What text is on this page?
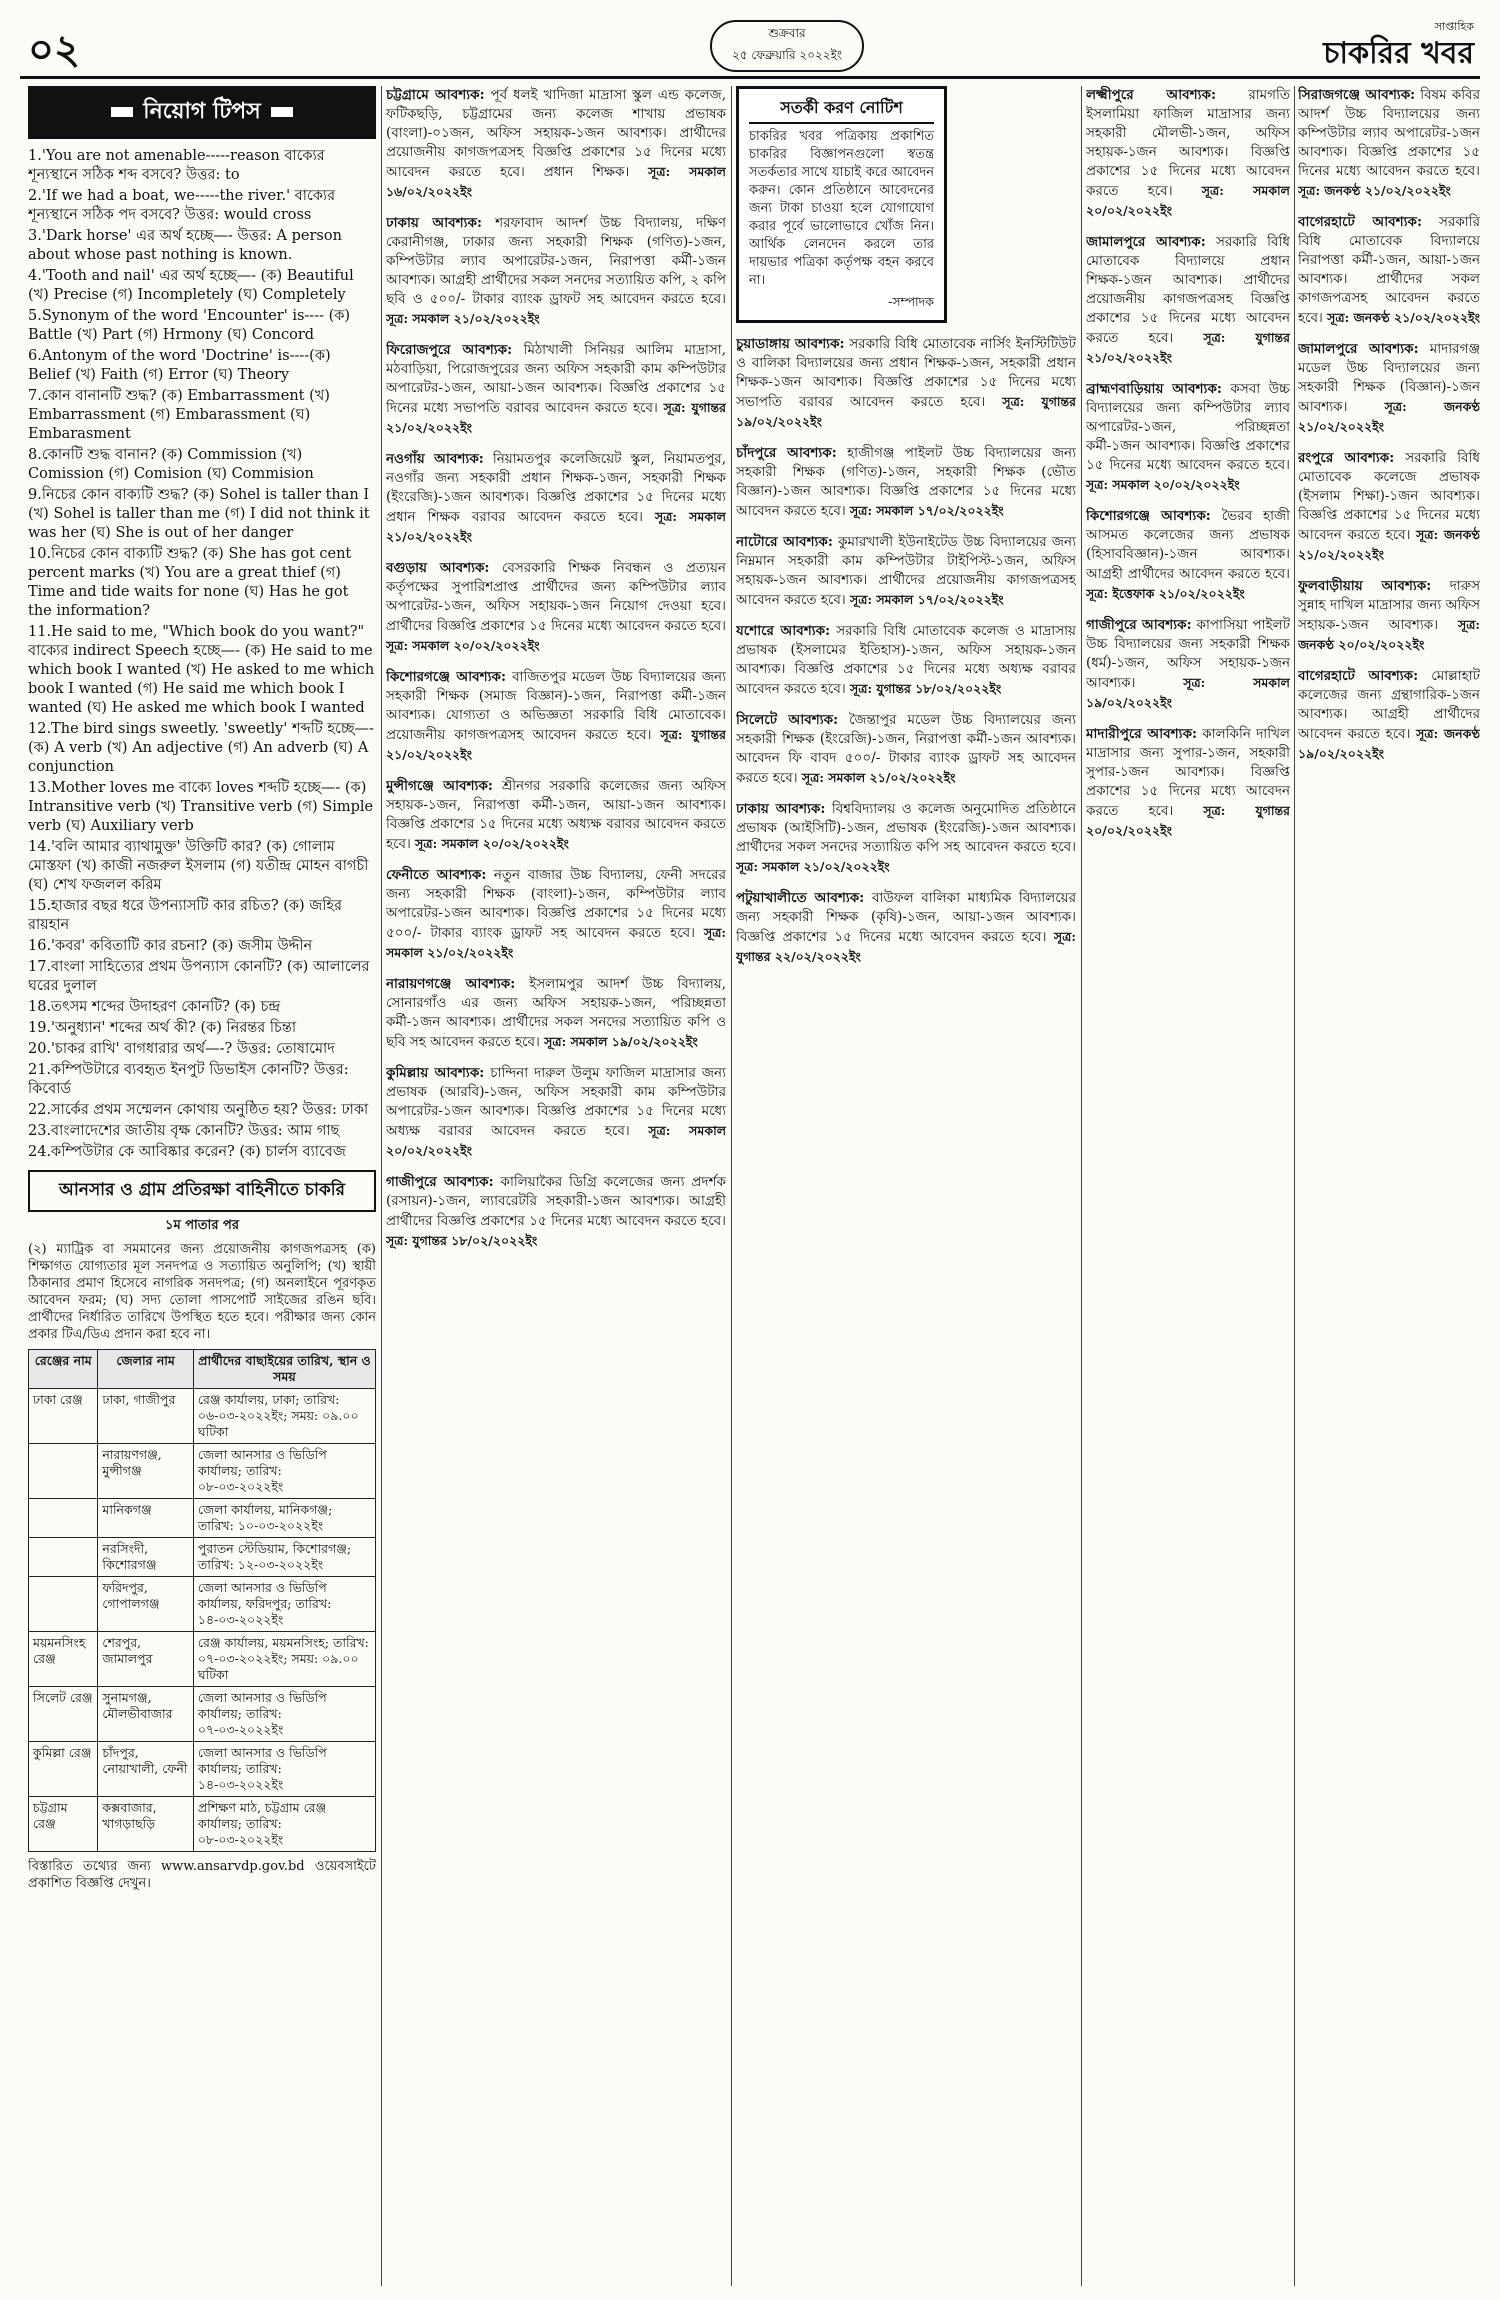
০২	শুক্রবার
২৫ ফেব্রুয়ারি ২০২২ইং
সাপ্তাহিক
চাকরির খবর
নিয়োগ টিপস

1.'You are not amenable-----reason বাক্যের শূন্যস্থানে সঠিক শব্দ বসবে? উত্তর: to

2.'If we had a boat, we-----the river.' বাক্যের শূন্যস্থানে সঠিক পদ বসবে? উত্তর: would cross

3.'Dark horse' এর অর্থ হচ্ছে—- উত্তর: A person about whose past nothing is known.

4.'Tooth and nail' এর অর্থ হচ্ছে—- (ক) Beautiful (খ) Precise (গ) Incompletely (ঘ) Completely

5.Synonym of the word 'Encounter' is---- (ক) Battle (খ) Part (গ) Hrmony (ঘ) Concord

6.Antonym of the word 'Doctrine' is----(ক) Belief (খ) Faith (গ) Error (ঘ) Theory

7.কোন বানানটি শুদ্ধ? (ক) Embarrassment (খ) Embarrassment (গ) Embarassment (ঘ) Embarasment

8.কোনটি শুদ্ধ বানান? (ক) Commission (খ) Comission (গ) Comision (ঘ) Commision

9.নিচের কোন বাক্যটি শুদ্ধ? (ক) Sohel is taller than I (খ) Sohel is taller than me (গ) I did not think it was her (ঘ) She is out of her danger

10.নিচের কোন বাক্যটি শুদ্ধ? (ক) She has got cent percent marks (খ) You are a great thief (গ) Time and tide waits for none (ঘ) Has he got the information?

11.He said to me, "Which book do you want?" বাক্যের indirect Speech হচ্ছে—- (ক) He said to me which book I wanted (খ) He asked to me which book I wanted (গ) He said me which book I wanted (ঘ) He asked me which book I wanted

12.The bird sings sweetly. 'sweetly' শব্দটি হচ্ছে—- (ক) A verb (খ) An adjective (গ) An adverb (ঘ) A conjunction

13.Mother loves me বাক্যে loves শব্দটি হচ্ছে—- (ক) Intransitive verb (খ) Transitive verb (গ) Simple verb (ঘ) Auxiliary verb

14.'বলি আমার ব্যাথামুক্ত' উক্তিটি কার? (ক) গোলাম মোস্তফা (খ) কাজী নজরুল ইসলাম (গ) যতীন্দ্র মোহন বাগচী (ঘ) শেখ ফজলল করিম

15.হাজার বছর ধরে উপন্যাসটি কার রচিত? (ক) জহির রায়হান

16.'কবর' কবিতাটি কার রচনা? (ক) জসীম উদ্দীন

17.বাংলা সাহিত্যের প্রথম উপন্যাস কোনটি? (ক) আলালের ঘরের দুলাল

18.তৎসম শব্দের উদাহরণ কোনটি? (ক) চন্দ্র

19.'অনুধ্যান' শব্দের অর্থ কী? (ক) নিরন্তর চিন্তা

20.'চাকর রাখি' বাগধারার অর্থ—-? উত্তর: তোষামোদ

21.কম্পিউটারে ব্যবহৃত ইনপুট ডিভাইস কোনটি? উত্তর: কিবোর্ড

22.সার্কের প্রথম সম্মেলন কোথায় অনুষ্ঠিত হয়? উত্তর: ঢাকা

23.বাংলাদেশের জাতীয় বৃক্ষ কোনটি? উত্তর: আম গাছ

24.কম্পিউটার কে আবিষ্কার করেন? (ক) চার্লস ব্যাবেজ

আনসার ও গ্রাম প্রতিরক্ষা বাহিনীতে চাকরি
১ম পাতার পর

(২) ম্যাট্রিক বা সমমানের জন্য প্রয়োজনীয় কাগজপত্রসহ (ক) শিক্ষাগত যোগ্যতার মূল সনদপত্র ও সত্যায়িত অনুলিপি; (খ) স্থায়ী ঠিকানার প্রমাণ হিসেবে নাগরিক সনদপত্র; (গ) অনলাইনে পূরণকৃত আবেদন ফরম; (ঘ) সদ্য তোলা পাসপোর্ট সাইজের রঙিন ছবি। প্রার্থীদের নির্ধারিত তারিখে উপস্থিত হতে হবে। পরীক্ষার জন্য কোন প্রকার টিএ/ডিএ প্রদান করা হবে না।

রেঞ্জের নাম	জেলার নাম	প্রার্থীদের বাছাইয়ের তারিখ, স্থান ও সময়
ঢাকা রেঞ্জ	ঢাকা, গাজীপুর	রেঞ্জ কার্যালয়, ঢাকা; তারিখ: ০৬-০৩-২০২২ইং; সময়: ০৯.০০ ঘটিকা
	নারায়ণগঞ্জ, মুন্সীগঞ্জ	জেলা আনসার ও ভিডিপি কার্যালয়; তারিখ: ০৮-০৩-২০২২ইং
	মানিকগঞ্জ	জেলা কার্যালয়, মানিকগঞ্জ; তারিখ: ১০-০৩-২০২২ইং
	নরসিংদী, কিশোরগঞ্জ	পুরাতন স্টেডিয়াম, কিশোরগঞ্জ; তারিখ: ১২-০৩-২০২২ইং
	ফরিদপুর, গোপালগঞ্জ	জেলা আনসার ও ভিডিপি কার্যালয়, ফরিদপুর; তারিখ: ১৪-০৩-২০২২ইং
ময়মনসিংহ রেঞ্জ	শেরপুর, জামালপুর	রেঞ্জ কার্যালয়, ময়মনসিংহ; তারিখ: ০৭-০৩-২০২২ইং; সময়: ০৯.০০ ঘটিকা
সিলেট রেঞ্জ	সুনামগঞ্জ, মৌলভীবাজার	জেলা আনসার ও ভিডিপি কার্যালয়; তারিখ: ০৭-০৩-২০২২ইং
কুমিল্লা রেঞ্জ	চাঁদপুর, নোয়াখালী, ফেনী	জেলা আনসার ও ভিডিপি কার্যালয়; তারিখ: ১৪-০৩-২০২২ইং
চট্টগ্রাম রেঞ্জ	কক্সবাজার, খাগড়াছড়ি	প্রশিক্ষণ মাঠ, চট্টগ্রাম রেঞ্জ কার্যালয়; তারিখ: ০৮-০৩-২০২২ইং

বিস্তারিত তথ্যের জন্য www.ansarvdp.gov.bd ওয়েবসাইটে প্রকাশিত বিজ্ঞপ্তি দেখুন।

চট্টগ্রামে আবশ্যক: পূর্ব ধলই খাদিজা মাদ্রাসা স্কুল এন্ড কলেজ, ফটিকছড়ি, চট্টগ্রামের জন্য কলেজ শাখায় প্রভাষক (বাংলা)-০১জন, অফিস সহায়ক-১জন আবশ্যক। প্রার্থীদের প্রয়োজনীয় কাগজপত্রসহ বিজ্ঞপ্তি প্রকাশের ১৫ দিনের মধ্যে আবেদন করতে হবে। প্রধান শিক্ষক। সূত্র: সমকাল ১৬/০২/২০২২ইং

ঢাকায় আবশ্যক: শরফাবাদ আদর্শ উচ্চ বিদ্যালয়, দক্ষিণ কেরানীগঞ্জ, ঢাকার জন্য সহকারী শিক্ষক (গণিত)-১জন, কম্পিউটার ল্যাব অপারেটর-১জন, নিরাপত্তা কর্মী-১জন আবশ্যক। আগ্রহী প্রার্থীদের সকল সনদের সত্যায়িত কপি, ২ কপি ছবি ও ৫০০/- টাকার ব্যাংক ড্রাফট সহ আবেদন করতে হবে। সূত্র: সমকাল ২১/০২/২০২২ইং

ফিরোজপুরে আবশ্যক: মিঠাখালী সিনিয়র আলিম মাদ্রাসা, মঠবাড়িয়া, পিরোজপুরের জন্য অফিস সহকারী কাম কম্পিউটার অপারেটর-১জন, আয়া-১জন আবশ্যক। বিজ্ঞপ্তি প্রকাশের ১৫ দিনের মধ্যে সভাপতি বরাবর আবেদন করতে হবে। সূত্র: যুগান্তর ২১/০২/২০২২ইং

নওগাঁয় আবশ্যক: নিয়ামতপুর কলেজিয়েট স্কুল, নিয়ামতপুর, নওগাঁর জন্য সহকারী প্রধান শিক্ষক-১জন, সহকারী শিক্ষক (ইংরেজি)-১জন আবশ্যক। বিজ্ঞপ্তি প্রকাশের ১৫ দিনের মধ্যে প্রধান শিক্ষক বরাবর আবেদন করতে হবে। সূত্র: সমকাল ২১/০২/২০২২ইং

বগুড়ায় আবশ্যক: বেসরকারি শিক্ষক নিবন্ধন ও প্রত্যয়ন কর্তৃপক্ষের সুপারিশপ্রাপ্ত প্রার্থীদের জন্য কম্পিউটার ল্যাব অপারেটর-১জন, অফিস সহায়ক-১জন নিয়োগ দেওয়া হবে। প্রার্থীদের বিজ্ঞপ্তি প্রকাশের ১৫ দিনের মধ্যে আবেদন করতে হবে। সূত্র: সমকাল ২০/০২/২০২২ইং

কিশোরগঞ্জে আবশ্যক: বাজিতপুর মডেল উচ্চ বিদ্যালয়ের জন্য সহকারী শিক্ষক (সমাজ বিজ্ঞান)-১জন, নিরাপত্তা কর্মী-১জন আবশ্যক। যোগ্যতা ও অভিজ্ঞতা সরকারি বিধি মোতাবেক। প্রয়োজনীয় কাগজপত্রসহ আবেদন করতে হবে। সূত্র: যুগান্তর ২১/০২/২০২২ইং

মুন্সীগঞ্জে আবশ্যক: শ্রীনগর সরকারি কলেজের জন্য অফিস সহায়ক-১জন, নিরাপত্তা কর্মী-১জন, আয়া-১জন আবশ্যক। বিজ্ঞপ্তি প্রকাশের ১৫ দিনের মধ্যে অধ্যক্ষ বরাবর আবেদন করতে হবে। সূত্র: সমকাল ২০/০২/২০২২ইং

ফেনীতে আবশ্যক: নতুন বাজার উচ্চ বিদ্যালয়, ফেনী সদরের জন্য সহকারী শিক্ষক (বাংলা)-১জন, কম্পিউটার ল্যাব অপারেটর-১জন আবশ্যক। বিজ্ঞপ্তি প্রকাশের ১৫ দিনের মধ্যে ৫০০/- টাকার ব্যাংক ড্রাফট সহ আবেদন করতে হবে। সূত্র: সমকাল ২১/০২/২০২২ইং

নারায়ণগঞ্জে আবশ্যক: ইসলামপুর আদর্শ উচ্চ বিদ্যালয়, সোনারগাঁও এর জন্য অফিস সহায়ক-১জন, পরিচ্ছন্নতা কর্মী-১জন আবশ্যক। প্রার্থীদের সকল সনদের সত্যায়িত কপি ও ছবি সহ আবেদন করতে হবে। সূত্র: সমকাল ১৯/০২/২০২২ইং

কুমিল্লায় আবশ্যক: চান্দিনা দারুল উলুম ফাজিল মাদ্রাসার জন্য প্রভাষক (আরবি)-১জন, অফিস সহকারী কাম কম্পিউটার অপারেটর-১জন আবশ্যক। বিজ্ঞপ্তি প্রকাশের ১৫ দিনের মধ্যে অধ্যক্ষ বরাবর আবেদন করতে হবে। সূত্র: সমকাল ২০/০২/২০২২ইং

গাজীপুরে আবশ্যক: কালিয়াকৈর ডিগ্রি কলেজের জন্য প্রদর্শক (রসায়ন)-১জন, ল্যাবরেটরি সহকারী-১জন আবশ্যক। আগ্রহী প্রার্থীদের বিজ্ঞপ্তি প্রকাশের ১৫ দিনের মধ্যে আবেদন করতে হবে। সূত্র: যুগান্তর ১৮/০২/২০২২ইং

সতর্কী করণ নোটিশ
চাকরির খবর পত্রিকায় প্রকাশিত চাকরির বিজ্ঞাপনগুলো স্বতন্ত্র সতর্কতার সাথে যাচাই করে আবেদন করুন। কোন প্রতিষ্ঠানে আবেদনের জন্য টাকা চাওয়া হলে যোগাযোগ করার পূর্বে ভালোভাবে খোঁজ নিন। আর্থিক লেনদেন করলে তার দায়ভার পত্রিকা কর্তৃপক্ষ বহন করবে না।
-সম্পাদক

চুয়াডাঙ্গায় আবশ্যক: সরকারি বিধি মোতাবেক নার্সিং ইনস্টিটিউট ও বালিকা বিদ্যালয়ের জন্য প্রধান শিক্ষক-১জন, সহকারী প্রধান শিক্ষক-১জন আবশ্যক। বিজ্ঞপ্তি প্রকাশের ১৫ দিনের মধ্যে সভাপতি বরাবর আবেদন করতে হবে। সূত্র: যুগান্তর ১৯/০২/২০২২ইং

চাঁদপুরে আবশ্যক: হাজীগঞ্জ পাইলট উচ্চ বিদ্যালয়ের জন্য সহকারী শিক্ষক (গণিত)-১জন, সহকারী শিক্ষক (ভৌত বিজ্ঞান)-১জন আবশ্যক। বিজ্ঞপ্তি প্রকাশের ১৫ দিনের মধ্যে আবেদন করতে হবে। সূত্র: সমকাল ১৭/০২/২০২২ইং

নাটোরে আবশ্যক: কুমারখালী ইউনাইটেড উচ্চ বিদ্যালয়ের জন্য নিম্নমান সহকারী কাম কম্পিউটার টাইপিস্ট-১জন, অফিস সহায়ক-১জন আবশ্যক। প্রার্থীদের প্রয়োজনীয় কাগজপত্রসহ আবেদন করতে হবে। সূত্র: সমকাল ১৭/০২/২০২২ইং

যশোরে আবশ্যক: সরকারি বিধি মোতাবেক কলেজ ও মাদ্রাসায় প্রভাষক (ইসলামের ইতিহাস)-১জন, অফিস সহায়ক-১জন আবশ্যক। বিজ্ঞপ্তি প্রকাশের ১৫ দিনের মধ্যে অধ্যক্ষ বরাবর আবেদন করতে হবে। সূত্র: যুগান্তর ১৮/০২/২০২২ইং

সিলেটে আবশ্যক: জৈন্তাপুর মডেল উচ্চ বিদ্যালয়ের জন্য সহকারী শিক্ষক (ইংরেজি)-১জন, নিরাপত্তা কর্মী-১জন আবশ্যক। আবেদন ফি বাবদ ৫০০/- টাকার ব্যাংক ড্রাফট সহ আবেদন করতে হবে। সূত্র: সমকাল ২১/০২/২০২২ইং

ঢাকায় আবশ্যক: বিশ্ববিদ্যালয় ও কলেজ অনুমোদিত প্রতিষ্ঠানে প্রভাষক (আইসিটি)-১জন, প্রভাষক (ইংরেজি)-১জন আবশ্যক। প্রার্থীদের সকল সনদের সত্যায়িত কপি সহ আবেদন করতে হবে। সূত্র: সমকাল ২১/০২/২০২২ইং

পটুয়াখালীতে আবশ্যক: বাউফল বালিকা মাধ্যমিক বিদ্যালয়ের জন্য সহকারী শিক্ষক (কৃষি)-১জন, আয়া-১জন আবশ্যক। বিজ্ঞপ্তি প্রকাশের ১৫ দিনের মধ্যে আবেদন করতে হবে। সূত্র: যুগান্তর ২২/০২/২০২২ইং

লক্ষ্মীপুরে আবশ্যক: রামগতি ইসলামিয়া ফাজিল মাদ্রাসার জন্য সহকারী মৌলভী-১জন, অফিস সহায়ক-১জন আবশ্যক। বিজ্ঞপ্তি প্রকাশের ১৫ দিনের মধ্যে আবেদন করতে হবে। সূত্র: সমকাল ২০/০২/২০২২ইং

জামালপুরে আবশ্যক: সরকারি বিধি মোতাবেক বিদ্যালয়ে প্রধান শিক্ষক-১জন আবশ্যক। প্রার্থীদের প্রয়োজনীয় কাগজপত্রসহ বিজ্ঞপ্তি প্রকাশের ১৫ দিনের মধ্যে আবেদন করতে হবে। সূত্র: যুগান্তর ২১/০২/২০২২ইং

ব্রাহ্মণবাড়িয়ায় আবশ্যক: কসবা উচ্চ বিদ্যালয়ের জন্য কম্পিউটার ল্যাব অপারেটর-১জন, পরিচ্ছন্নতা কর্মী-১জন আবশ্যক। বিজ্ঞপ্তি প্রকাশের ১৫ দিনের মধ্যে আবেদন করতে হবে। সূত্র: সমকাল ২০/০২/২০২২ইং

কিশোরগঞ্জে আবশ্যক: ভৈরব হাজী আসমত কলেজের জন্য প্রভাষক (হিসাববিজ্ঞান)-১জন আবশ্যক। আগ্রহী প্রার্থীদের আবেদন করতে হবে। সূত্র: ইত্তেফাক ২১/০২/২০২২ইং

গাজীপুরে আবশ্যক: কাপাসিয়া পাইলট উচ্চ বিদ্যালয়ের জন্য সহকারী শিক্ষক (ধর্ম)-১জন, অফিস সহায়ক-১জন আবশ্যক।	সূত্র: সমকাল ১৯/০২/২০২২ইং

মাদারীপুরে আবশ্যক: কালকিনি দাখিল মাদ্রাসার জন্য সুপার-১জন, সহকারী সুপার-১জন আবশ্যক। বিজ্ঞপ্তি প্রকাশের ১৫ দিনের মধ্যে আবেদন করতে হবে। সূত্র: যুগান্তর ২০/০২/২০২২ইং

সিরাজগঞ্জে আবশ্যক: বিষম কবির আদর্শ উচ্চ বিদ্যালয়ের জন্য কম্পিউটার ল্যাব অপারেটর-১জন আবশ্যক। বিজ্ঞপ্তি প্রকাশের ১৫ দিনের মধ্যে আবেদন করতে হবে। সূত্র: জনকণ্ঠ ২১/০২/২০২২ইং

বাগেরহাটে আবশ্যক: সরকারি বিধি মোতাবেক বিদ্যালয়ে নিরাপত্তা কর্মী-১জন, আয়া-১জন আবশ্যক। প্রার্থীদের সকল কাগজপত্রসহ আবেদন করতে হবে। সূত্র: জনকণ্ঠ ২১/০২/২০২২ইং

জামালপুরে আবশ্যক: মাদারগঞ্জ মডেল উচ্চ বিদ্যালয়ের জন্য সহকারী শিক্ষক (বিজ্ঞান)-১জন আবশ্যক।	সূত্র: জনকণ্ঠ ২১/০২/২০২২ইং

রংপুরে আবশ্যক: সরকারি বিধি মোতাবেক কলেজে প্রভাষক (ইসলাম শিক্ষা)-১জন আবশ্যক। বিজ্ঞপ্তি প্রকাশের ১৫ দিনের মধ্যে আবেদন করতে হবে। সূত্র: জনকণ্ঠ ২১/০২/২০২২ইং

ফুলবাড়ীয়ায় আবশ্যক: দারুস সুন্নাহ দাখিল মাদ্রাসার জন্য অফিস সহায়ক-১জন আবশ্যক। সূত্র: জনকণ্ঠ ২০/০২/২০২২ইং

বাগেরহাটে আবশ্যক: মোল্লাহাট কলেজের জন্য গ্রন্থাগারিক-১জন আবশ্যক। আগ্রহী প্রার্থীদের আবেদন করতে হবে। সূত্র: জনকণ্ঠ ১৯/০২/২০২২ইং
